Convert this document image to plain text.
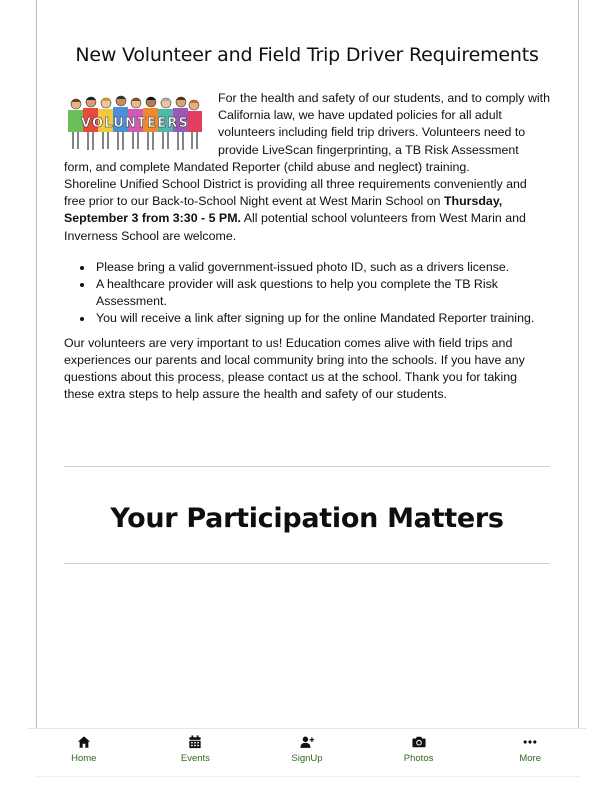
New Volunteer and Field Trip Driver Requirements
VOLUNTEERS

For the health and safety of our students, and to comply with California law, we have updated policies for all adult volunteers including field trip drivers. Volunteers need to provide LiveScan fingerprinting, a TB Risk Assessment form, and complete Mandated Reporter (child abuse and neglect) training.

Shoreline Unified School District is providing all three requirements conveniently and free prior to our Back-to-School Night event at West Marin School on Thursday, September 3 from 3:30 - 5 PM. All potential school volunteers from West Marin and Inverness School are welcome.

• Please bring a valid government-issued photo ID, such as a drivers license.
• A healthcare provider will ask questions to help you complete the TB Risk Assessment.
• You will receive a link after signing up for the online Mandated Reporter training.

Our volunteers are very important to us! Education comes alive with field trips and experiences our parents and local community bring into the schools. If you have any questions about this process, please contact us at the school. Thank you for taking these extra steps to help assure the health and safety of our students.

Your Participation Matters
Home	Events	SignUp	Photos	More
